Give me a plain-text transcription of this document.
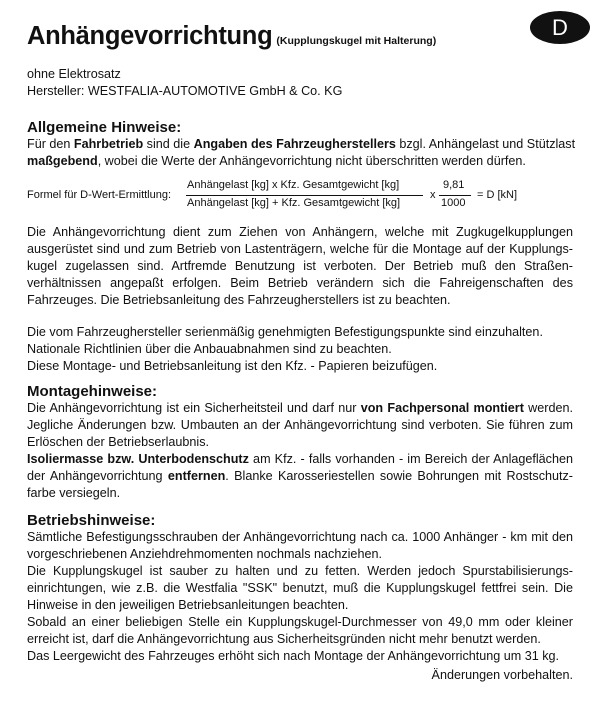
Anhängevorrichtung (Kupplungskugel mit Halterung)
D
ohne Elektrosatz
Hersteller: WESTFALIA-AUTOMOTIVE GmbH & Co. KG
Allgemeine Hinweise:
Für den Fahrbetrieb sind die Angaben des Fahrzeugherstellers bzgl. Anhängelast und Stützlast
maßgebend, wobei die Werte der Anhängevorrichtung nicht überschritten werden dürfen.
Formel für D-Wert-Ermittlung:
Anhängelast [kg] x Kfz. Gesamtgewicht [kg]
Anhängelast [kg] + Kfz. Gesamtgewicht [kg]
x
9,81
1000
= D [kN]
Die Anhängevorrichtung dient zum Ziehen von Anhängern, welche mit Zugkugelkupplungen
ausgerüstet sind und zum Betrieb von Lastenträgern, welche für die Montage auf der Kupplungs-
kugel zugelassen sind. Artfremde Benutzung ist verboten. Der Betrieb muß den Straßen-
verhältnissen angepaßt erfolgen. Beim Betrieb verändern sich die Fahreigenschaften des
Fahrzeuges. Die Betriebsanleitung des Fahrzeugherstellers ist zu beachten.
Die vom Fahrzeughersteller serienmäßig genehmigten Befestigungspunkte sind einzuhalten.
Nationale Richtlinien über die Anbauabnahmen sind zu beachten.
Diese Montage- und Betriebsanleitung ist den Kfz. - Papieren beizufügen.
Montagehinweise:
Die Anhängevorrichtung ist ein Sicherheitsteil und darf nur von Fachpersonal montiert werden.
Jegliche Änderungen bzw. Umbauten an der Anhängevorrichtung sind verboten. Sie führen zum
Erlöschen der Betriebserlaubnis.
Isoliermasse bzw. Unterbodenschutz am Kfz. - falls vorhanden - im Bereich der Anlageflächen
der Anhängevorrichtung entfernen. Blanke Karosseriestellen sowie Bohrungen mit Rostschutz-
farbe versiegeln.
Betriebshinweise:
Sämtliche Befestigungsschrauben der Anhängevorrichtung nach ca. 1000 Anhänger - km mit den
vorgeschriebenen Anziehdrehmomenten nochmals nachziehen.
Die Kupplungskugel ist sauber zu halten und zu fetten. Werden jedoch Spurstabilisierungs-
einrichtungen, wie z.B. die Westfalia "SSK" benutzt, muß die Kupplungskugel fettfrei sein. Die
Hinweise in den jeweiligen Betriebsanleitungen beachten.
Sobald an einer beliebigen Stelle ein Kupplungskugel-Durchmesser von 49,0 mm oder kleiner
erreicht ist, darf die Anhängevorrichtung aus Sicherheitsgründen nicht mehr benutzt werden.
Das Leergewicht des Fahrzeuges erhöht sich nach Montage der Anhängevorrichtung um 31 kg.
Änderungen vorbehalten.
